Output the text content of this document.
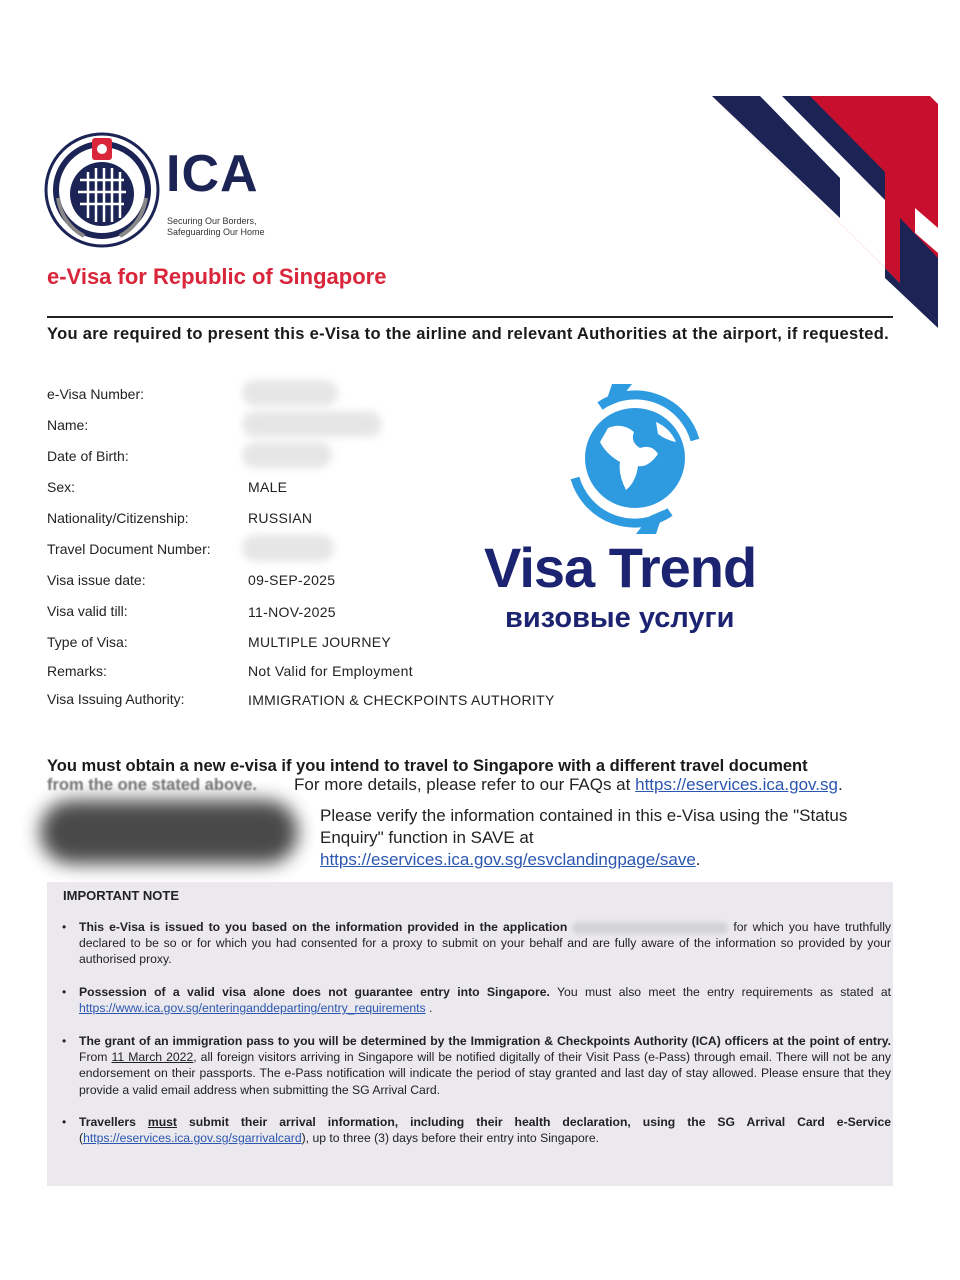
ICA
Securing Our Borders,
Safeguarding Our Home
e-Visa for Republic of Singapore
You are required to present this e-Visa to the airline and relevant Authorities at the airport, if requested.
e-Visa Number:
Name:
Date of Birth:
Sex:	MALE
Nationality/Citizenship:	RUSSIAN
Travel Document Number:
Visa issue date:	09-SEP-2025
Visa valid till:	11-NOV-2025
Type of Visa:	MULTIPLE JOURNEY
Remarks:	Not Valid for Employment
Visa Issuing Authority:	IMMIGRATION & CHECKPOINTS AUTHORITY
Visa Trend
визовые услуги
You must obtain a new e-visa if you intend to travel to Singapore with a different travel document
from the one stated above. For more details, please refer to our FAQs at https://eservices.ica.gov.sg.
Please verify the information contained in this e-Visa using the "Status Enquiry" function in SAVE at
https://eservices.ica.gov.sg/esvclandingpage/save.
IMPORTANT NOTE
• This e-Visa is issued to you based on the information provided in the application	for which you have truthfully declared to be so or for which you had consented for a proxy to submit on your behalf and are fully aware of the information so provided by your authorised proxy.
• Possession of a valid visa alone does not guarantee entry into Singapore. You must also meet the entry requirements as stated at https://www.ica.gov.sg/enteringanddeparting/entry_requirements .
• The grant of an immigration pass to you will be determined by the Immigration & Checkpoints Authority (ICA) officers at the point of entry. From 11 March 2022, all foreign visitors arriving in Singapore will be notified digitally of their Visit Pass (e-Pass) through email. There will not be any endorsement on their passports. The e-Pass notification will indicate the period of stay granted and last day of stay allowed. Please ensure that they provide a valid email address when submitting the SG Arrival Card.
• Travellers must submit their arrival information, including their health declaration, using the SG Arrival Card e-Service (https://eservices.ica.gov.sg/sgarrivalcard), up to three (3) days before their entry into Singapore.
